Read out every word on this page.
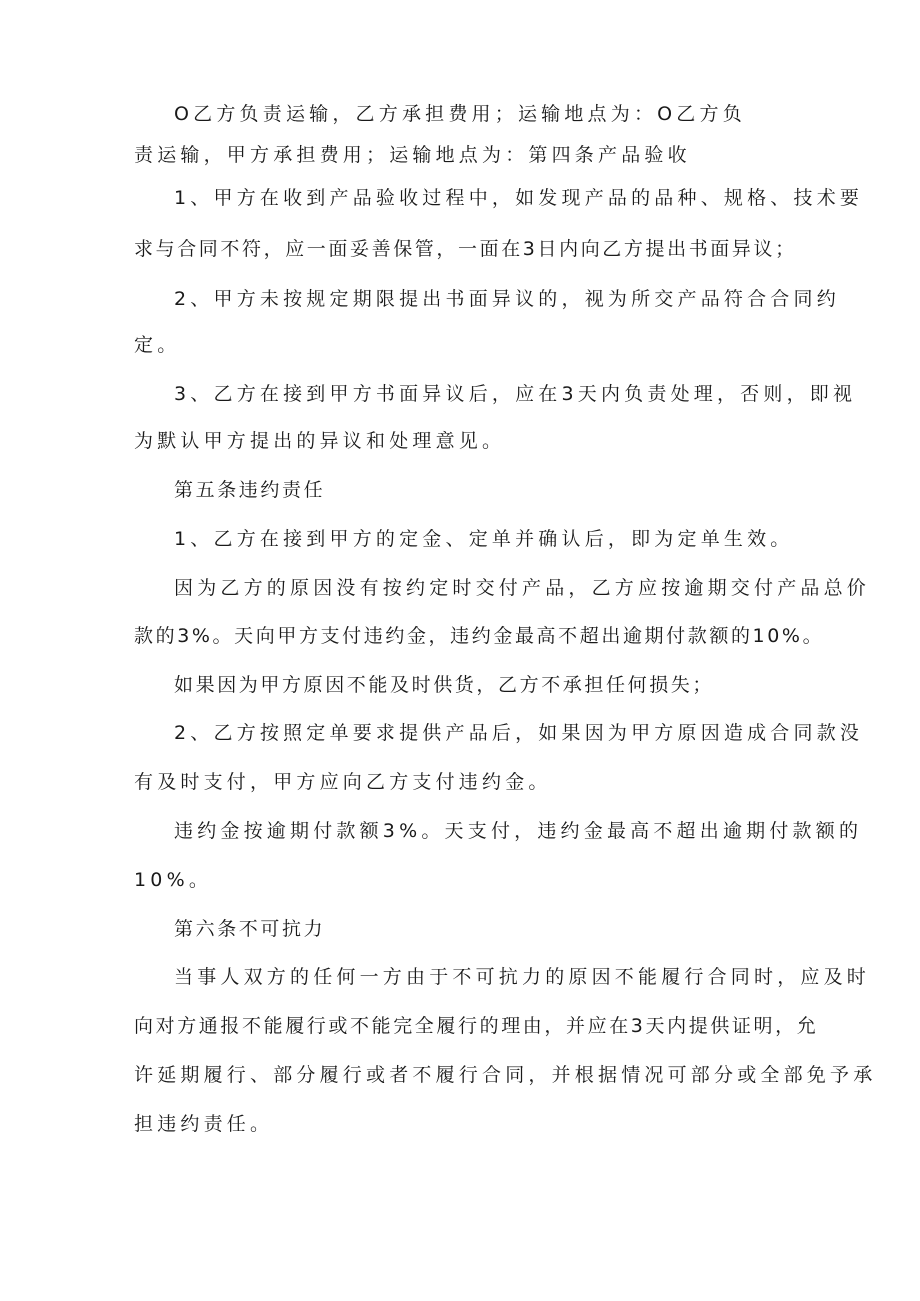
O乙方负责运输，乙方承担费用；运输地点为：O乙方负
责运输，甲方承担费用；运输地点为：第四条产品验收
1、甲方在收到产品验收过程中，如发现产品的品种、规格、技术要
求与合同不符，应一面妥善保管，一面在3日内向乙方提出书面异议；
2、甲方未按规定期限提出书面异议的，视为所交产品符合合同约
定。
3、乙方在接到甲方书面异议后，应在3天内负责处理，否则，即视
为默认甲方提出的异议和处理意见。
第五条违约责任
1、乙方在接到甲方的定金、定单并确认后，即为定单生效。
因为乙方的原因没有按约定时交付产品，乙方应按逾期交付产品总价
款的3%。天向甲方支付违约金，违约金最高不超出逾期付款额的10%。
如果因为甲方原因不能及时供货，乙方不承担任何损失；
2、乙方按照定单要求提供产品后，如果因为甲方原因造成合同款没
有及时支付，甲方应向乙方支付违约金。
违约金按逾期付款额3%。天支付，违约金最高不超出逾期付款额的
10%。
第六条不可抗力
当事人双方的任何一方由于不可抗力的原因不能履行合同时，应及时
向对方通报不能履行或不能完全履行的理由，并应在3天内提供证明，允
许延期履行、部分履行或者不履行合同，并根据情况可部分或全部免予承
担违约责任。
